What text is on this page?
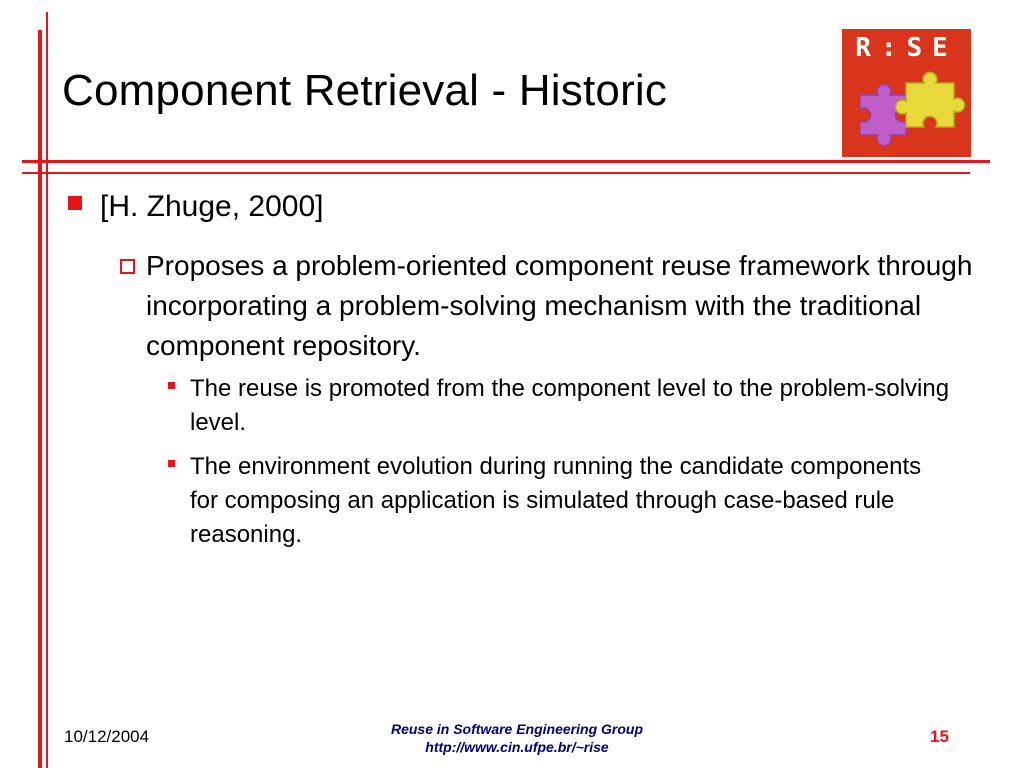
Component Retrieval - Historic
R:SE
[H. Zhuge, 2000]

Proposes a problem-oriented component reuse framework through incorporating a problem-solving mechanism with the traditional component repository.

The reuse is promoted from the component level to the problem-solving level.

The environment evolution during running the candidate components for composing an application is simulated through case-based rule reasoning.

10/12/2004	Reuse in Software Engineering Group
http://www.cin.ufpe.br/~rise
15
